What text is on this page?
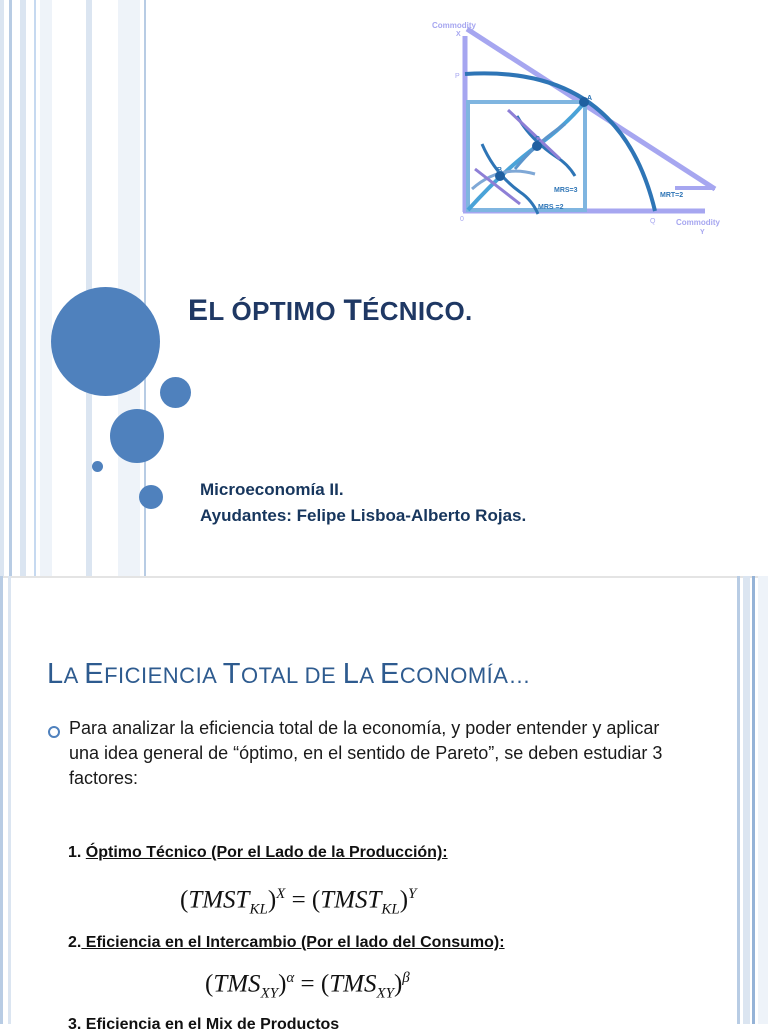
Commodity
X
P
0	Q
A
B
C
MRS=3
MRS =2
MRT=2
Commodity
Y
EL ÓPTIMO TÉCNICO.
Microeconomía II.
Ayudantes: Felipe Lisboa-Alberto Rojas.
LA EFICIENCIA TOTAL DE LA ECONOMÍA…
Para analizar la eficiencia total de la economía, y poder entender y aplicar una idea general de “óptimo, en el sentido de Pareto”, se deben estudiar 3 factores:
1. Óptimo Técnico (Por el Lado de la Producción):
$(TMST_{KL})^X$ = $(TMST_{KL})^Y$
2. Eficiencia en el Intercambio (Por el lado del Consumo):
$(TMS_{XY})^\alpha = (TMS_{XY})^\beta$
3. Eficiencia en el Mix de Productos
